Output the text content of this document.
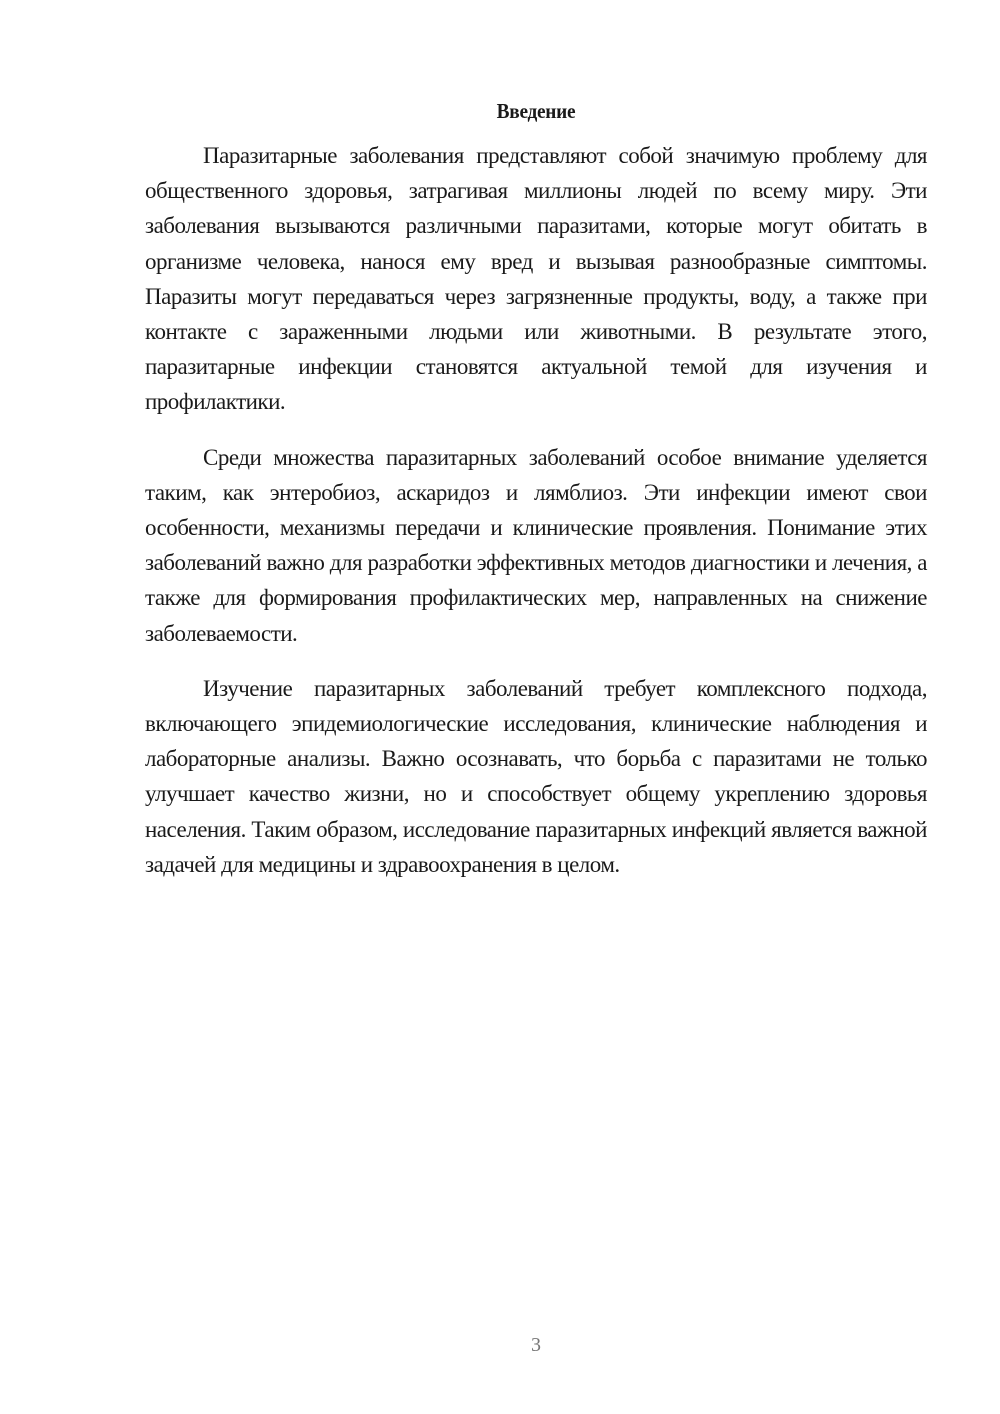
Введение

Паразитарные заболевания представляют собой значимую проблему для общественного здоровья, затрагивая миллионы людей по всему миру. Эти заболевания вызываются различными паразитами, которые могут обитать в организме человека, нанося ему вред и вызывая разнообразные симптомы. Паразиты могут передаваться через загрязненные продукты, воду, а также при контакте с зараженными людьми или животными. В результате этого, паразитарные инфекции становятся актуальной темой для изучения и профилактики.

Среди множества паразитарных заболеваний особое внимание уделяется таким, как энтеробиоз, аскаридоз и лямблиоз. Эти инфекции имеют свои особенности, механизмы передачи и клинические проявления. Понимание этих заболеваний важно для разработки эффективных методов диагностики и лечения, а также для формирования профилактических мер, направленных на снижение заболеваемости.

Изучение паразитарных заболеваний требует комплексного подхода, включающего эпидемиологические исследования, клинические наблюдения и лабораторные анализы. Важно осознавать, что борьба с паразитами не только улучшает качество жизни, но и способствует общему укреплению здоровья населения. Таким образом, исследование паразитарных инфекций является важной задачей для медицины и здравоохранения в целом.

3
